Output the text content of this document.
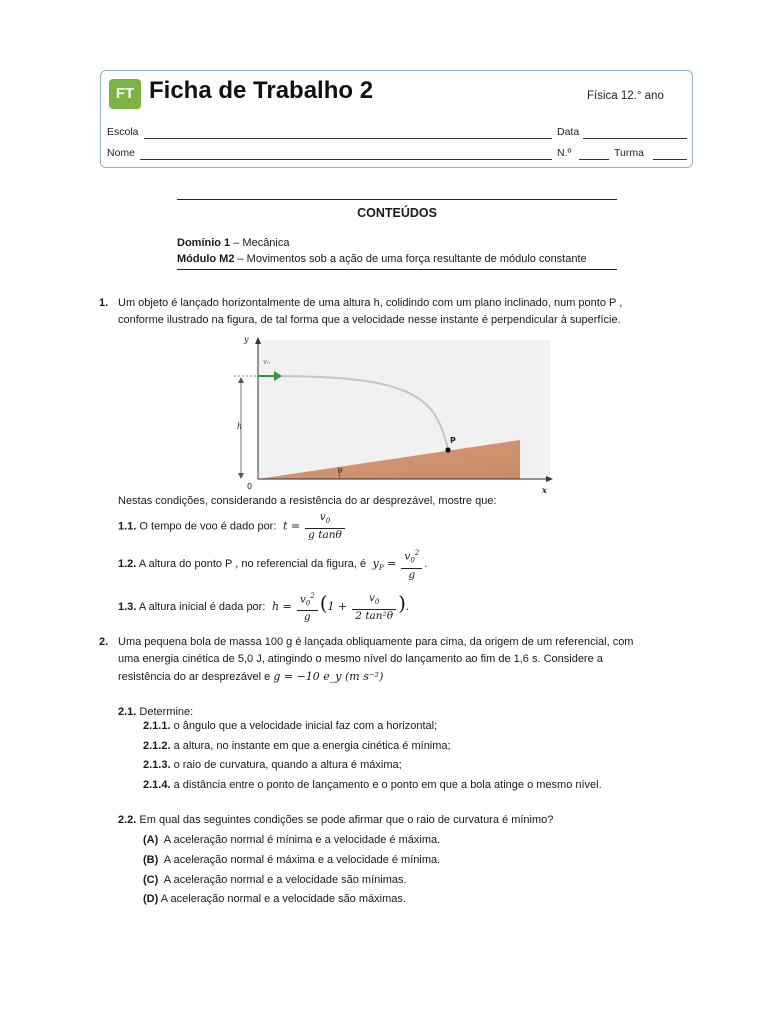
FT Ficha de Trabalho 2	Física 12.° ano
Escola	Data
Nome	N.º	Turma
CONTEÚDOS
Domínio 1 – Mecânica
Módulo M2 – Movimentos sob a ação de uma força resultante de módulo constante
1. Um objeto é lançado horizontalmente de uma altura h, colidindo com um plano inclinado, num ponto P ,
conforme ilustrado na figura, de tal forma que a velocidade nesse instante é perpendicular à superfície.
y
x
0
h
P
θ
v₀
Nestas condições, considerando a resistência do ar desprezável, mostre que:
1.1. O tempo de voo é dado por:  $t = \frac{v_0}{\text{g tanθ}}$
1.2. A altura do ponto P , no referencial da figura, é  $y_P = \frac{v_0^2}{g}$ .
1.3. A altura inicial é dada por:  $h = \frac{v_0^2}{g} (1 + \frac{v_0}{\text{2 tan²θ}}$ ).
2. Uma pequena bola de massa 100 g é lançada obliquamente para cima, da origem de um referencial, com
uma energia cinética de 5,0 J, atingindo o mesmo nível do lançamento ao fim de 1,6 s. Considere a
resistência do ar desprezável e g = −10 e_y (m s⁻²)
2.1. Determine:
2.1.1. o ângulo que a velocidade inicial faz com a horizontal;
2.1.2. a altura, no instante em que a energia cinética é mínima;
2.1.3. o raio de curvatura, quando a altura é máxima;
2.1.4. a distância entre o ponto de lançamento e o ponto em que a bola atinge o mesmo nível.
2.2. Em qual das seguintes condições se pode afirmar que o raio de curvatura é mínimo?
(A) A aceleração normal é mínima e a velocidade é máxima.
(B) A aceleração normal é máxima e a velocidade é mínima.
(C) A aceleração normal e a velocidade são mínimas.
(D) A aceleração normal e a velocidade são máximas.
